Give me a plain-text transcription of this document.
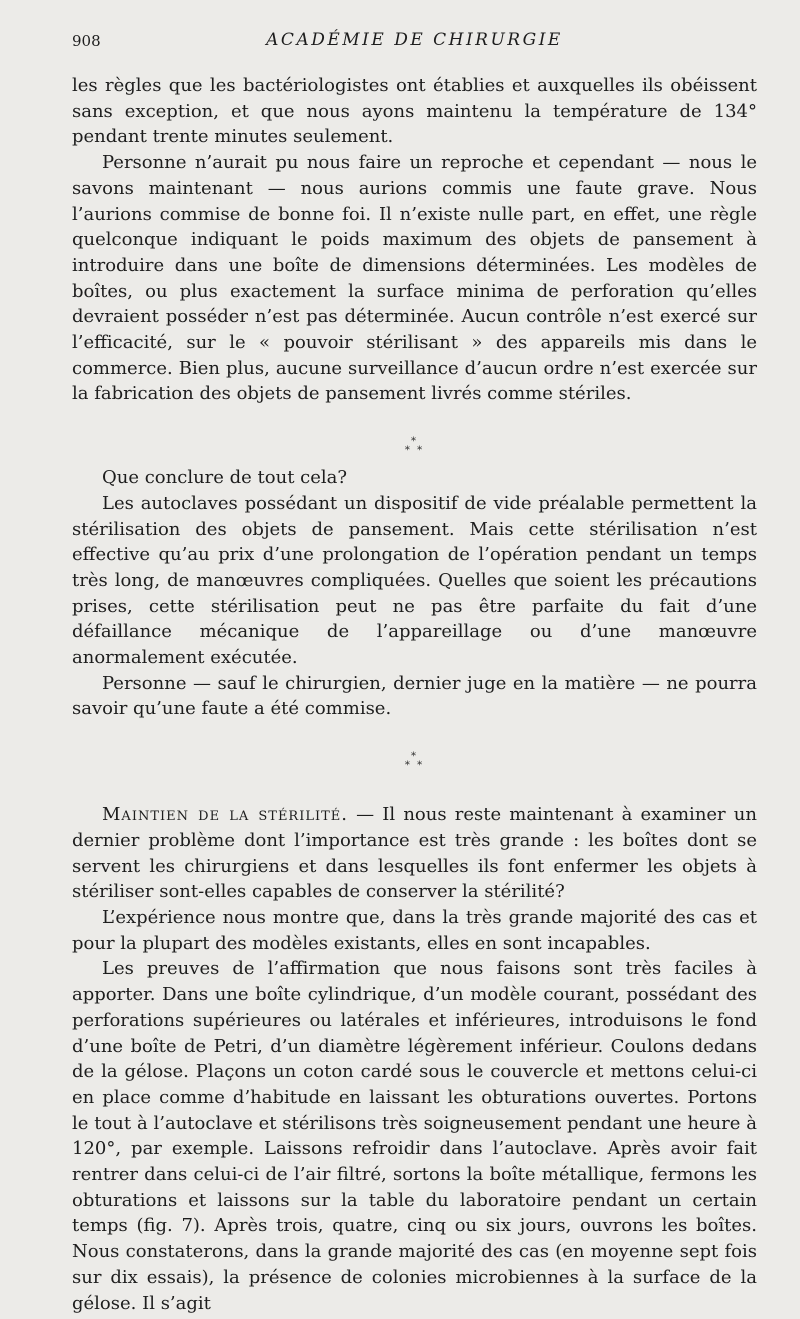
908	ACADÉMIE DE CHIRURGIE

les règles que les bactériologistes ont établies et auxquelles ils obéissent sans exception, et que nous ayons maintenu la température de 134° pendant trente minutes seulement.

Personne n’aurait pu nous faire un reproche et cependant — nous le savons maintenant — nous aurions commis une faute grave. Nous l’aurions commise de bonne foi. Il n’existe nulle part, en effet, une règle quelconque indiquant le poids maximum des objets de pansement à introduire dans une boîte de dimensions déterminées. Les modèles de boîtes, ou plus exactement la surface minima de perforation qu’elles devraient posséder n’est pas déterminée. Aucun contrôle n’est exercé sur l’efficacité, sur le « pouvoir stérilisant » des appareils mis dans le commerce. Bien plus, aucune surveillance d’aucun ordre n’est exercée sur la fabrication des objets de pansement livrés comme stériles.

*
* *

Que conclure de tout cela?

Les autoclaves possédant un dispositif de vide préalable permettent la stérilisation des objets de pansement. Mais cette stérilisation n’est effective qu’au prix d’une prolongation de l’opération pendant un temps très long, de manœuvres compliquées. Quelles que soient les précautions prises, cette stérilisation peut ne pas être parfaite du fait d’une défaillance mécanique de l’appareillage ou d’une manœuvre anormalement exécutée.

Personne — sauf le chirurgien, dernier juge en la matière — ne pourra savoir qu’une faute a été commise.

*
* *

Maintien de la stérilité. — Il nous reste maintenant à examiner un dernier problème dont l’importance est très grande : les boîtes dont se servent les chirurgiens et dans lesquelles ils font enfermer les objets à stériliser sont-elles capables de conserver la stérilité?

L’expérience nous montre que, dans la très grande majorité des cas et pour la plupart des modèles existants, elles en sont incapables.

Les preuves de l’affirmation que nous faisons sont très faciles à apporter. Dans une boîte cylindrique, d’un modèle courant, possédant des perforations supérieures ou latérales et inférieures, introduisons le fond d’une boîte de Petri, d’un diamètre légèrement inférieur. Coulons dedans de la gélose. Plaçons un coton cardé sous le couvercle et mettons celui-ci en place comme d’habitude en laissant les obturations ouvertes. Portons le tout à l’autoclave et stérilisons très soigneusement pendant une heure à 120°, par exemple. Laissons refroidir dans l’autoclave. Après avoir fait rentrer dans celui-ci de l’air filtré, sortons la boîte métallique, fermons les obturations et laissons sur la table du laboratoire pendant un certain temps (fig. 7). Après trois, quatre, cinq ou six jours, ouvrons les boîtes. Nous constaterons, dans la grande majorité des cas (en moyenne sept fois sur dix essais), la présence de colonies microbiennes à la surface de la gélose. Il s’agit
